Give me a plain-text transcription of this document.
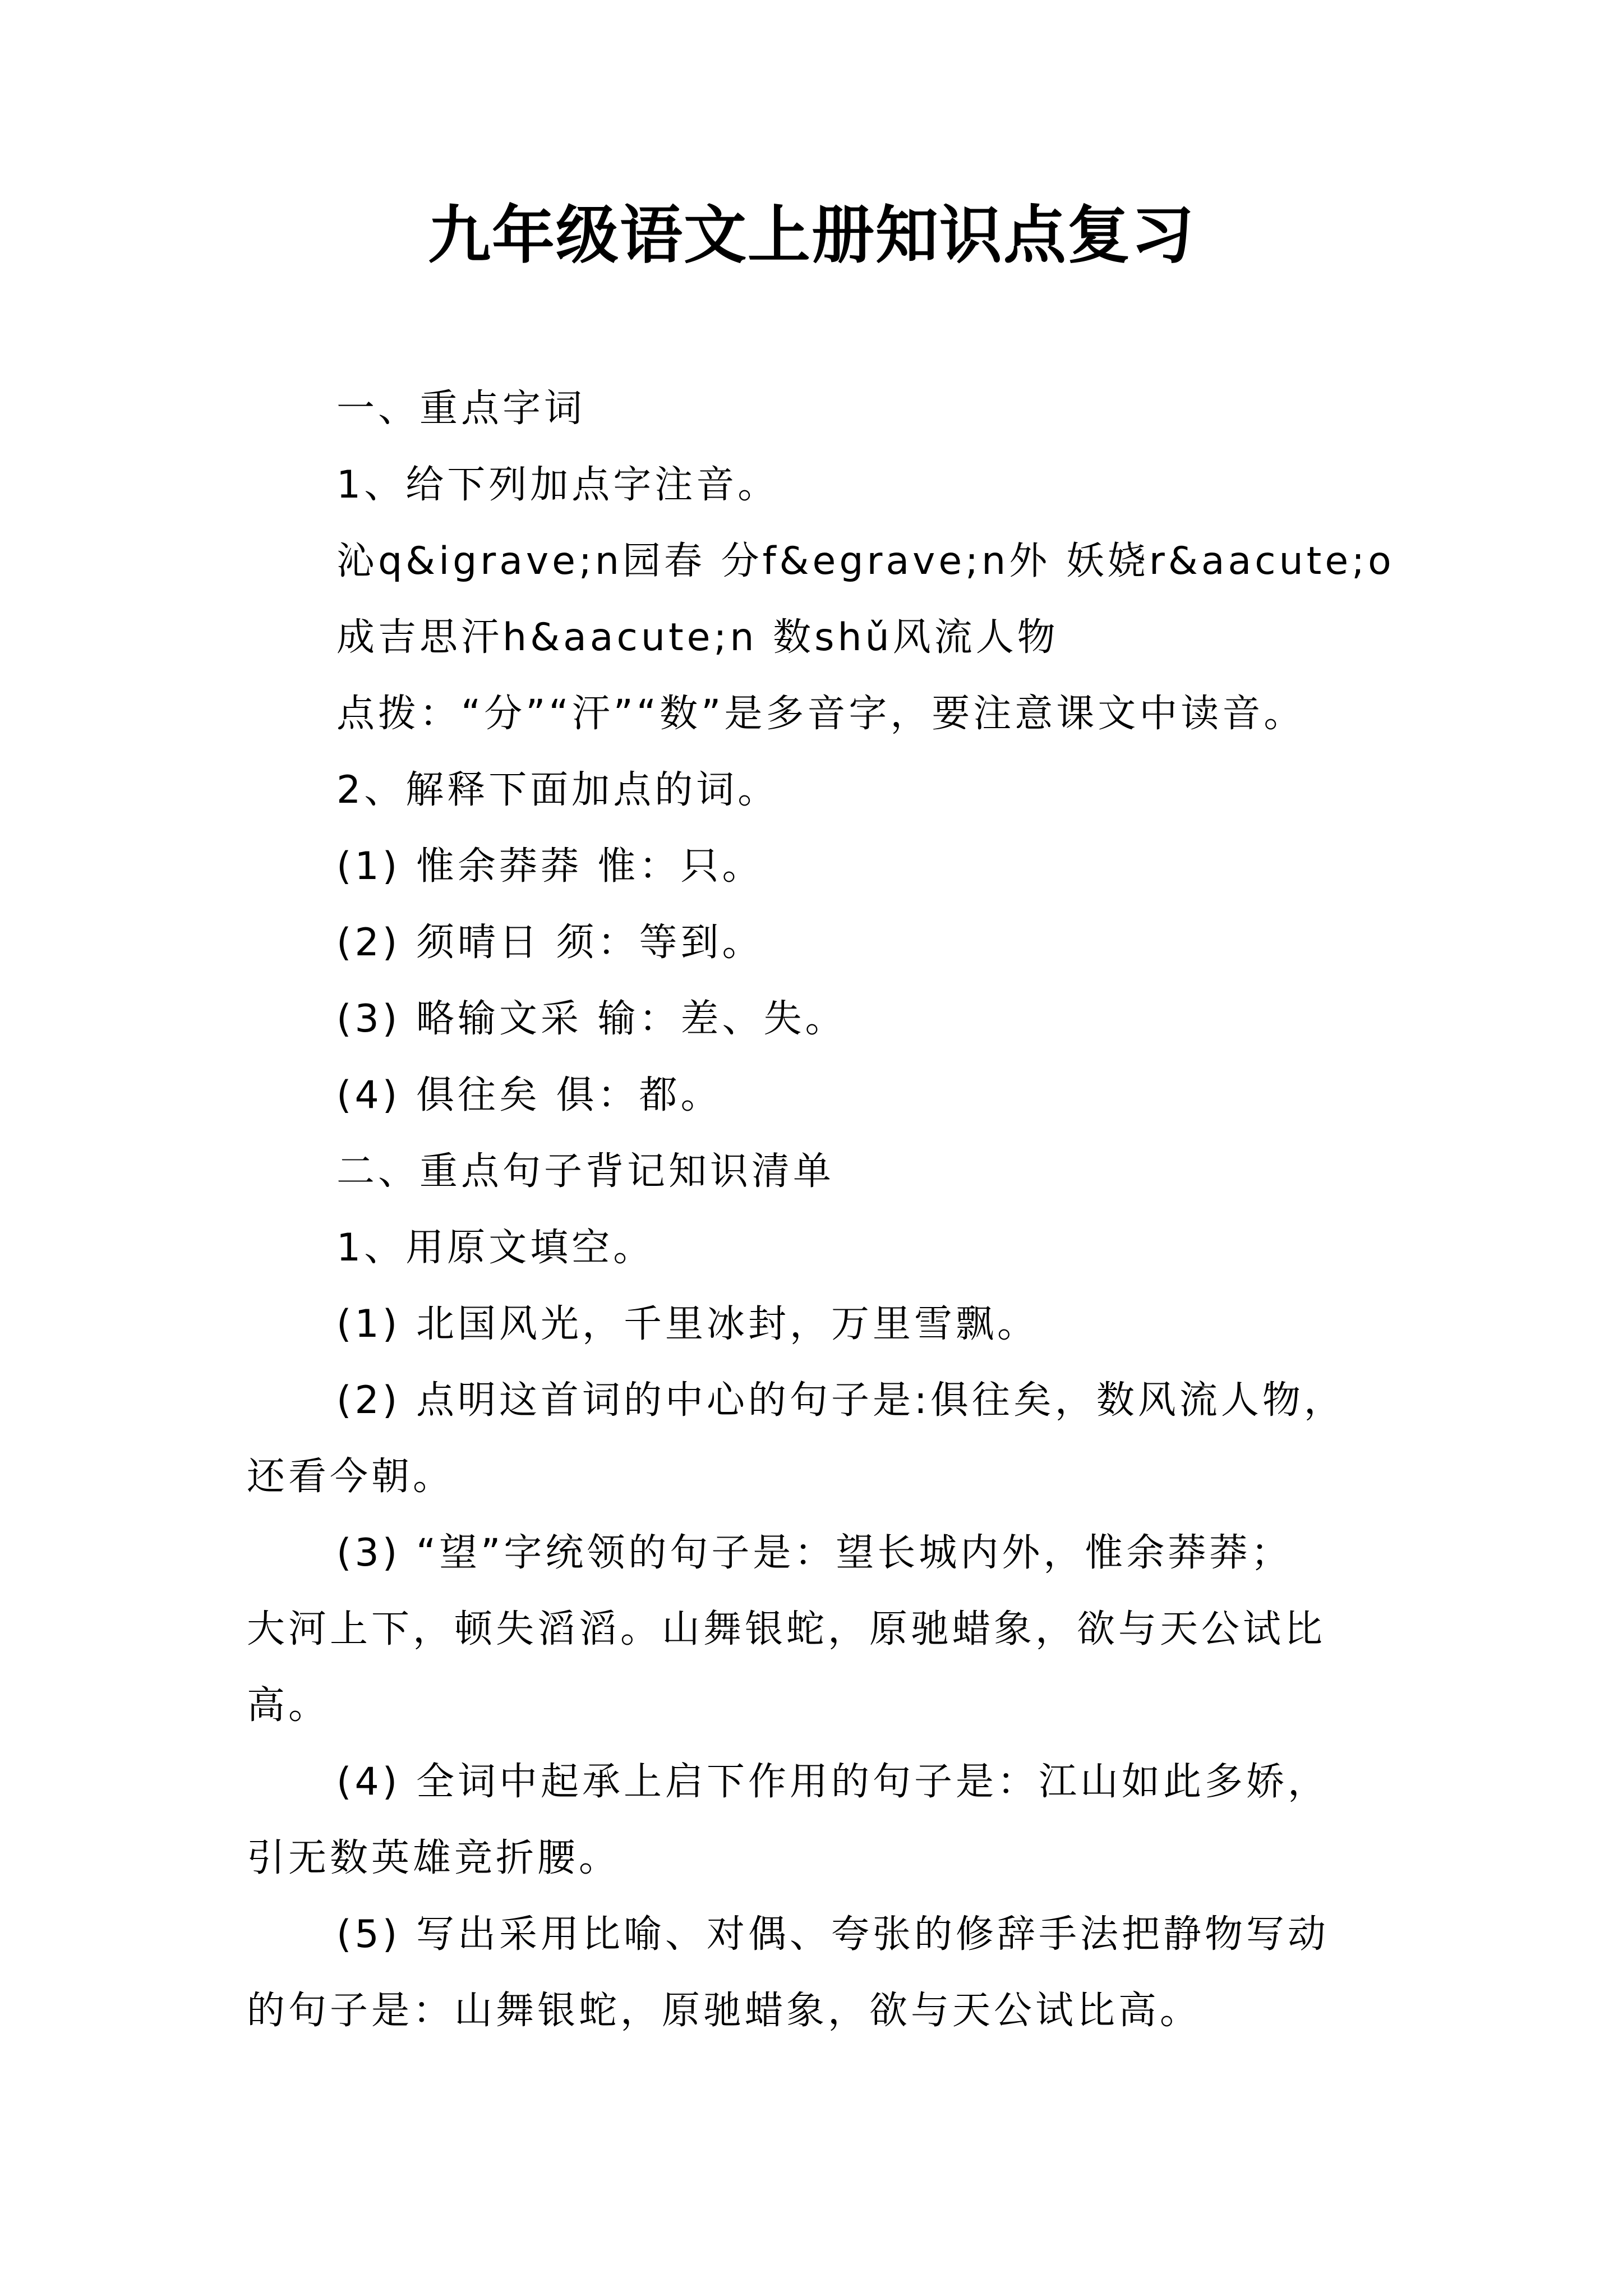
九年级语文上册知识点复习
一、重点字词
1、给下列加点字注音。
沁q&igrave;n园春 分f&egrave;n外 妖娆r&aacute;o
成吉思汗h&aacute;n 数shǔ风流人物
点拨：“分”“汗”“数”是多音字，要注意课文中读音。
2、解释下面加点的词。
(1) 惟余莽莽 惟：只。
(2) 须晴日 须：等到。
(3) 略输文采 输：差、失。
(4) 俱往矣 俱：都。
二、重点句子背记知识清单
1、用原文填空。
(1) 北国风光，千里冰封，万里雪飘。
(2) 点明这首词的中心的句子是:俱往矣，数风流人物，
还看今朝。
(3) “望”字统领的句子是：望长城内外，惟余莽莽；
大河上下，顿失滔滔。山舞银蛇，原驰蜡象，欲与天公试比
高。
(4) 全词中起承上启下作用的句子是：江山如此多娇，
引无数英雄竞折腰。
(5) 写出采用比喻、对偶、夸张的修辞手法把静物写动
的句子是：山舞银蛇，原驰蜡象，欲与天公试比高。
